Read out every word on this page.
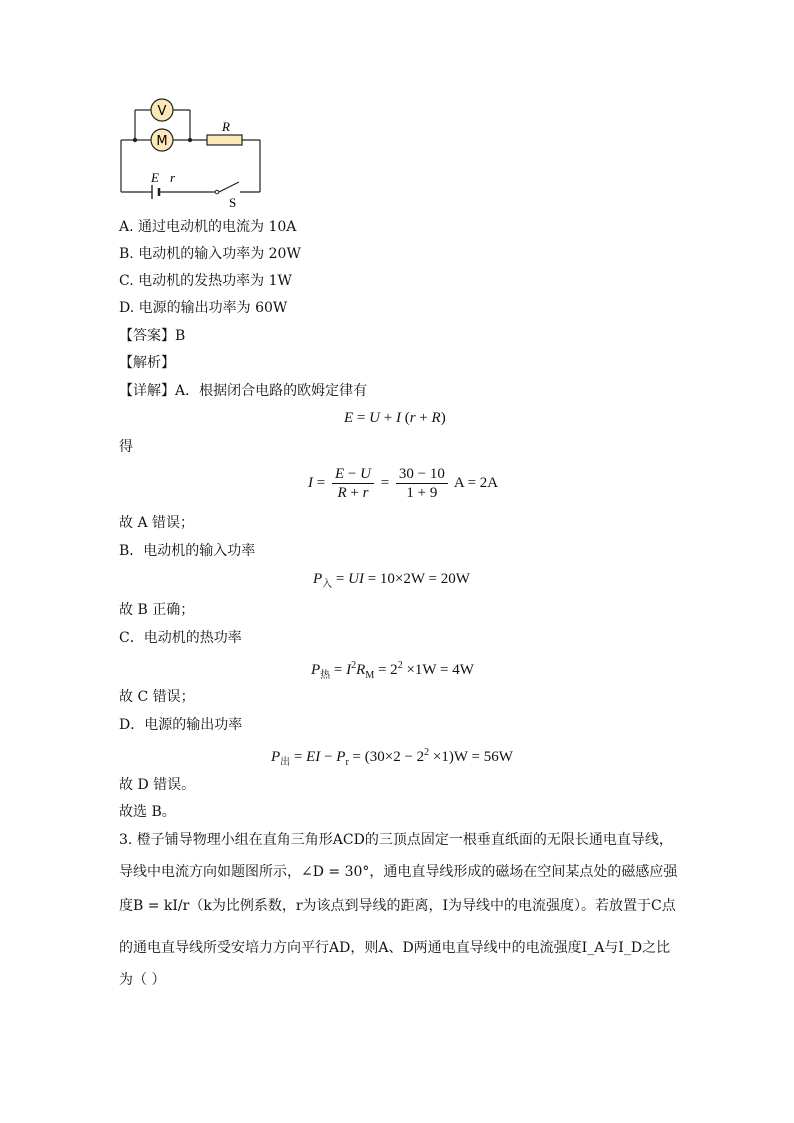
V
M
R
E r
S
A. 通过电动机的电流为 10A
B. 电动机的输入功率为 20W
C. 电动机的发热功率为 1W
D. 电源的输出功率为 60W
【答案】B
【解析】
【详解】A．根据闭合电路的欧姆定律有
E = U + I (r + R)
得
$I = \frac{E - U}{R + r} = \frac{30 - 10}{1 + 9}$ A = 2A
故 A 错误；
B．电动机的输入功率
$P_入$ = UI = 10×2W = 20W
故 B 正确；
C．电动机的热功率
$P_热 = I^2R_M = 2^2 \times 1W = 4W$
故 C 错误；
D．电源的输出功率
$P_出$ = EI − $P_r = (30\times 2 - 2^2 \times 1)W = 56W$
故 D 错误。
故选 B。
3. 橙子铺导物理小组在直角三角形ACD的三顶点固定一根垂直纸面的无限长通电直导线，
导线中电流方向如题图所示，∠D = 30°，通电直导线形成的磁场在空间某点处的磁感应强
度B = kI/r（k为比例系数，r为该点到导线的距离，I为导线中的电流强度）。若放置于C点
的通电直导线所受安培力方向平行AD，则A、D两通电直导线中的电流强度I_A与I_D之比
为（ ）
